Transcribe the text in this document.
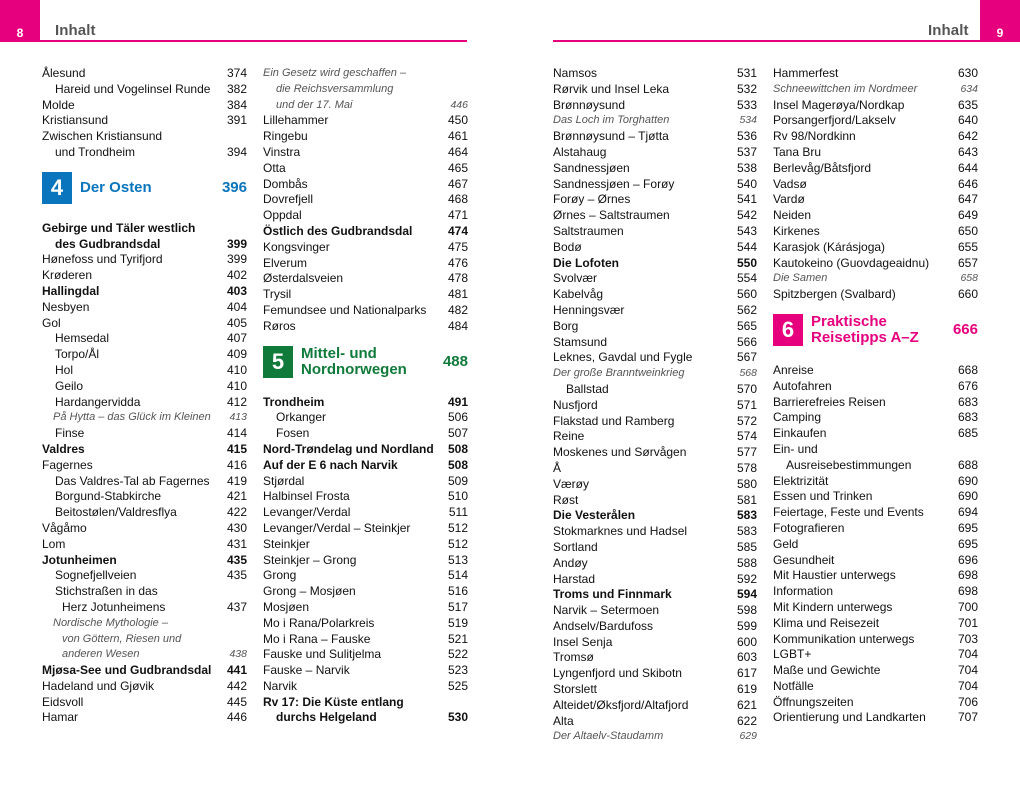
8 Inhalt	9
Inhalt
Ålesund	374
Hareid und Vogelinsel Runde 382
Molde	384
Kristiansund	391
Zwischen Kristiansund
und Trondheim	394
4	Der Osten	396
Gebirge und Täler westlich
des Gudbrandsdal	399
Hønefoss und Tyrifjord	399
Krøderen	402
Hallingdal	403
Nesbyen	404
Gol	405
Hemsedal	407
Torpo/Ål	409
Hol	410
Geilo	410
Hardangervidda	412
På Hytta – das Glück im Kleinen 413
Finse	414
Valdres	415
Fagernes	416
Das Valdres-Tal ab Fagernes 419
Borgund-Stabkirche	421
Beitostølen/Valdresflya	422
Vågåmo	430
Lom	431
Jotunheimen	435
Sognefjellveien	435
Stichstraßen in das
Herz Jotunheimens	437
Nordische Mythologie –
von Göttern, Riesen und
anderen Wesen	438
Mjøsa-See und Gudbrandsdal 441
Hadeland und Gjøvik	442
Eidsvoll	445
Hamar	446
Ein Gesetz wird geschaffen –
die Reichsversammlung
und der 17. Mai	446
Lillehammer	450
Ringebu	461
Vinstra	464
Otta	465
Dombås	467
Dovrefjell	468
Oppdal	471
Östlich des Gudbrandsdal	474
Kongsvinger	475
Elverum	476
Østerdalsveien	478
Trysil	481
Femundsee und Nationalparks 482
Røros	484
5	Mittel- und
Nordnorwegen	488
Trondheim	491
Orkanger	506
Fosen	507
Nord-Trøndelag und Nordland 508
Auf der E 6 nach Narvik	508
Stjørdal	509
Halbinsel Frosta	510
Levanger/Verdal	511
Levanger/Verdal – Steinkjer	512
Steinkjer	512
Steinkjer – Grong	513
Grong	514
Grong – Mosjøen	516
Mosjøen	517
Mo i Rana/Polarkreis	519
Mo i Rana – Fauske	521
Fauske und Sulitjelma	522
Fauske – Narvik	523
Narvik	525
Rv 17: Die Küste entlang
durchs Helgeland	530
Namsos	531
Rørvik und Insel Leka	532
Brønnøysund	533
Das Loch im Torghatten	534
Brønnøysund – Tjøtta	536
Alstahaug	537
Sandnessjøen	538
Sandnessjøen – Forøy	540
Forøy – Ørnes	541
Ørnes – Saltstraumen	542
Saltstraumen	543
Bodø	544
Die Lofoten	550
Svolvær	554
Kabelvåg	560
Henningsvær	562
Borg	565
Stamsund	566
Leknes, Gavdal und Fygle	567
Der große Branntweinkrieg	568
Ballstad	570
Nusfjord	571
Flakstad und Ramberg	572
Reine	574
Moskenes und Sørvågen	577
Å	578
Værøy	580
Røst	581
Die Vesterålen	583
Stokmarknes und Hadsel	583
Sortland	585
Andøy	588
Harstad	592
Troms und Finnmark	594
Narvik – Setermoen	598
Andselv/Bardufoss	599
Insel Senja	600
Tromsø	603
Lyngenfjord und Skibotn	617
Storslett	619
Alteidet/Øksfjord/Altafjord	621
Alta	622
Der Altaelv-Staudamm	629
Hammerfest	630
Schneewittchen im Nordmeer	634
Insel Magerøya/Nordkap	635
Porsangerfjord/Lakselv	640
Rv 98/Nordkinn	642
Tana Bru	643
Berlevåg/Båtsfjord	644
Vadsø	646
Vardø	647
Neiden	649
Kirkenes	650
Karasjok (Kárásjoga)	655
Kautokeino (Guovdageaidnu) 657
Die Samen	658
Spitzbergen (Svalbard)	660
6	Praktische
Reisetipps A–Z	666
Anreise	668
Autofahren	676
Barrierefreies Reisen	683
Camping	683
Einkaufen	685
Ein- und
Ausreisebestimmungen	688
Elektrizität	690
Essen und Trinken	690
Feiertage, Feste und Events	694
Fotografieren	695
Geld	695
Gesundheit	696
Mit Haustier unterwegs	698
Information	698
Mit Kindern unterwegs	700
Klima und Reisezeit	701
Kommunikation unterwegs	703
LGBT+	704
Maße und Gewichte	704
Notfälle	704
Öffnungszeiten	706
Orientierung und Landkarten	707
